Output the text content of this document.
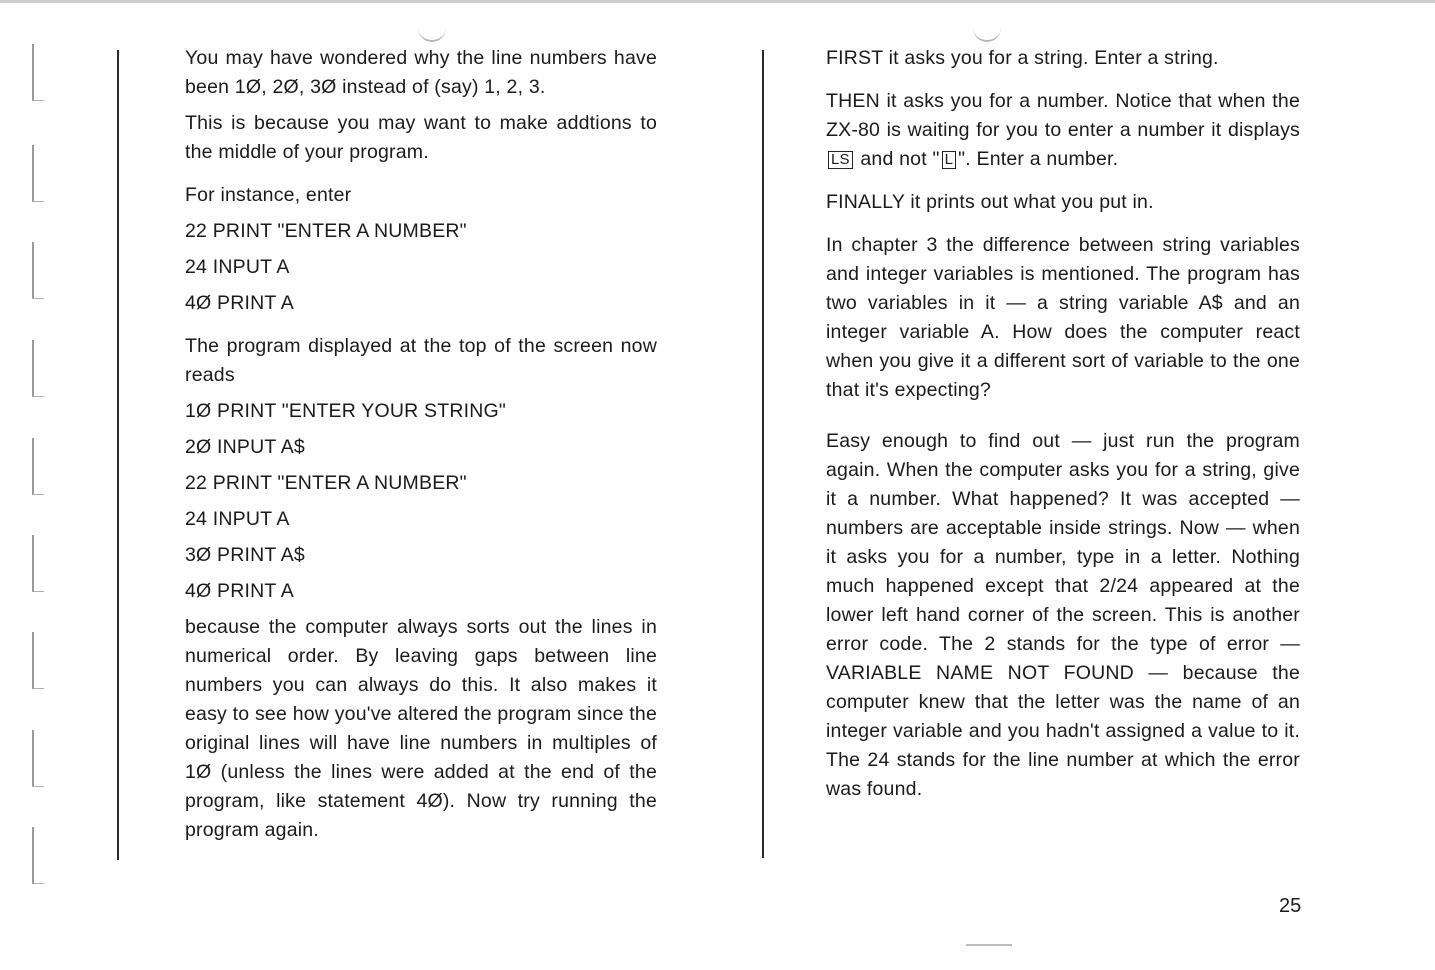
You may have wondered why the line numbers have been 1Ø, 2Ø, 3Ø instead of (say) 1, 2, 3.

This is because you may want to make addtions to the middle of your program.

For instance, enter

22 PRINT "ENTER A NUMBER"

24 INPUT A

4Ø PRINT A

The program displayed at the top of the screen now reads

1Ø PRINT "ENTER YOUR STRING"

2Ø INPUT A$

22 PRINT "ENTER A NUMBER"

24 INPUT A

3Ø PRINT A$

4Ø PRINT A

because the computer always sorts out the lines in numerical order. By leaving gaps between line numbers you can always do this. It also makes it easy to see how you've altered the program since the original lines will have line numbers in multiples of 1Ø (unless the lines were added at the end of the program, like statement 4Ø). Now try running the program again.

FIRST it asks you for a string. Enter a string.

THEN it asks you for a number. Notice that when the ZX-80 is waiting for you to enter a number it displays LS and not " L ". Enter a number.

FINALLY it prints out what you put in.

In chapter 3 the difference between string variables and integer variables is mentioned. The program has two variables in it — a string variable A$ and an integer variable A. How does the computer react when you give it a different sort of variable to the one that it's expecting?

Easy enough to find out — just run the program again. When the computer asks you for a string, give it a number. What happened? It was accepted — numbers are acceptable inside strings. Now — when it asks you for a number, type in a letter. Nothing much happened except that 2/24 appeared at the lower left hand corner of the screen. This is another error code. The 2 stands for the type of error — VARIABLE NAME NOT FOUND — because the computer knew that the letter was the name of an integer variable and you hadn't assigned a value to it. The 24 stands for the line number at which the error was found.

25
